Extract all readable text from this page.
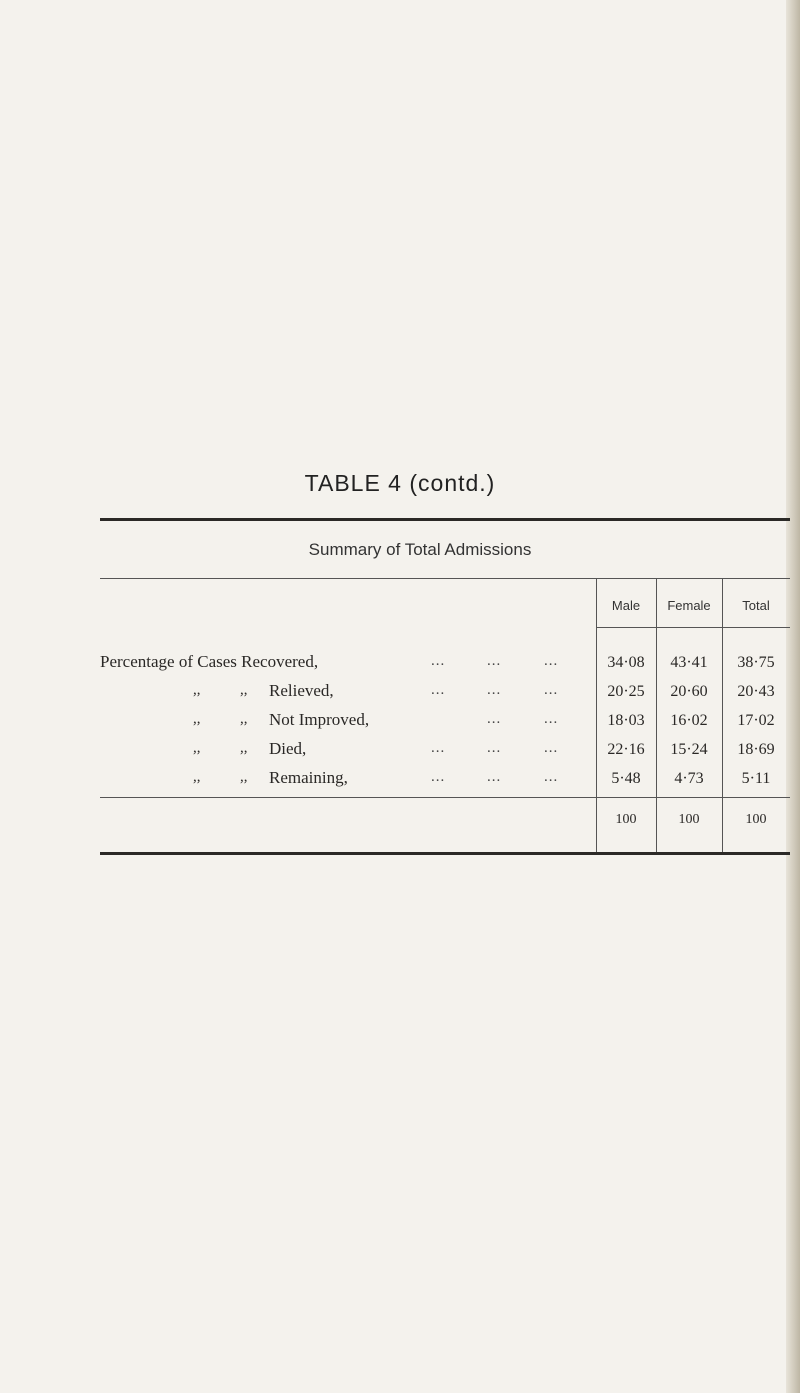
TABLE 4 (contd.)
Summary of Total Admissions
Male	Female	Total
Percentage of Cases Recovered,	...	...	...	34·08	43·41	38·75
,,	,, Relieved,	...	...	...	20·25	20·60	20·43
,,	,, Not Improved,	...	...	18·03	16·02	17·02
,,	,, Died,	...	...	...	22·16	15·24	18·69
,,	,, Remaining,	...	...	...	5·48	4·73	5·11
100	100	100
